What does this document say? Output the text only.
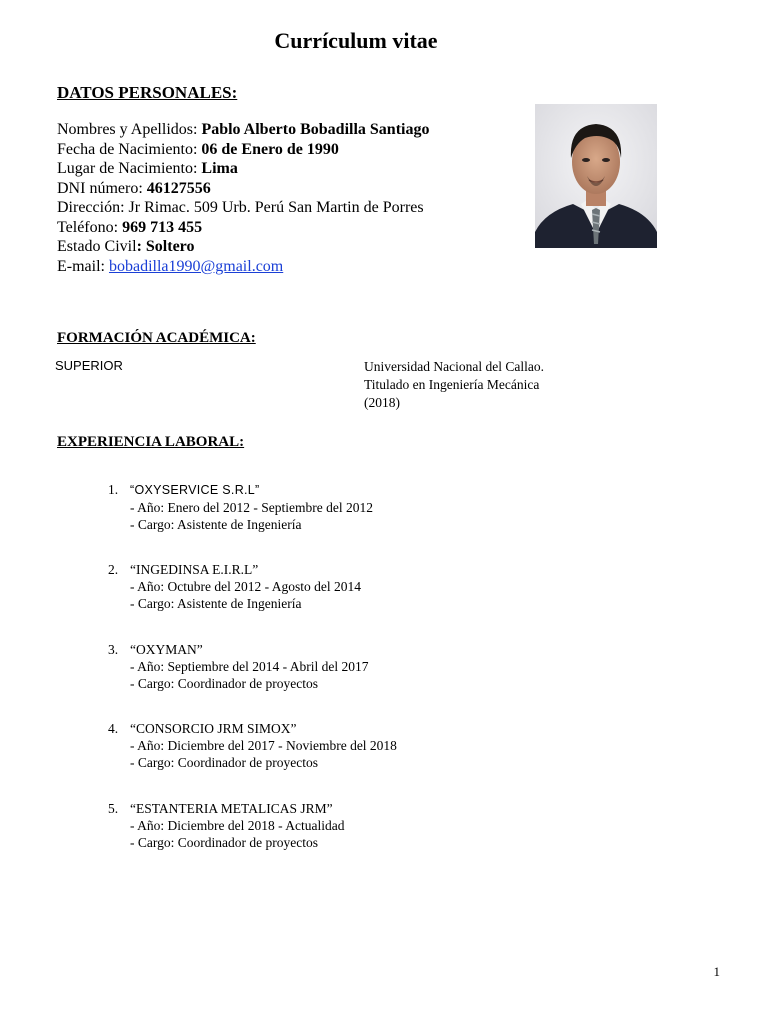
Currículum vitae
DATOS PERSONALES:
Nombres y Apellidos: Pablo Alberto Bobadilla Santiago
Fecha de Nacimiento: 06 de Enero de 1990
Lugar de Nacimiento: Lima
DNI número: 46127556
Dirección: Jr Rimac. 509 Urb. Perú San Martin de Porres
Teléfono: 969 713 455
Estado Civil: Soltero
E-mail: bobadilla1990@gmail.com
FORMACIÓN ACADÉMICA:
SUPERIOR	Universidad Nacional del Callao.
Titulado en Ingeniería Mecánica
(2018)
EXPERIENCIA LABORAL:
1. “OXYSERVICE S.R.L”
- Año: Enero del 2012 - Septiembre del 2012
- Cargo: Asistente de Ingeniería
2. “INGEDINSA E.I.R.L”
- Año: Octubre del 2012 - Agosto del 2014
- Cargo: Asistente de Ingeniería
3. “OXYMAN”
- Año: Septiembre del 2014 - Abril del 2017
- Cargo: Coordinador de proyectos
4. “CONSORCIO JRM SIMOX”
- Año: Diciembre del 2017 - Noviembre del 2018
- Cargo: Coordinador de proyectos
5. “ESTANTERIA METALICAS JRM”
- Año: Diciembre del 2018 - Actualidad
- Cargo: Coordinador de proyectos
1
